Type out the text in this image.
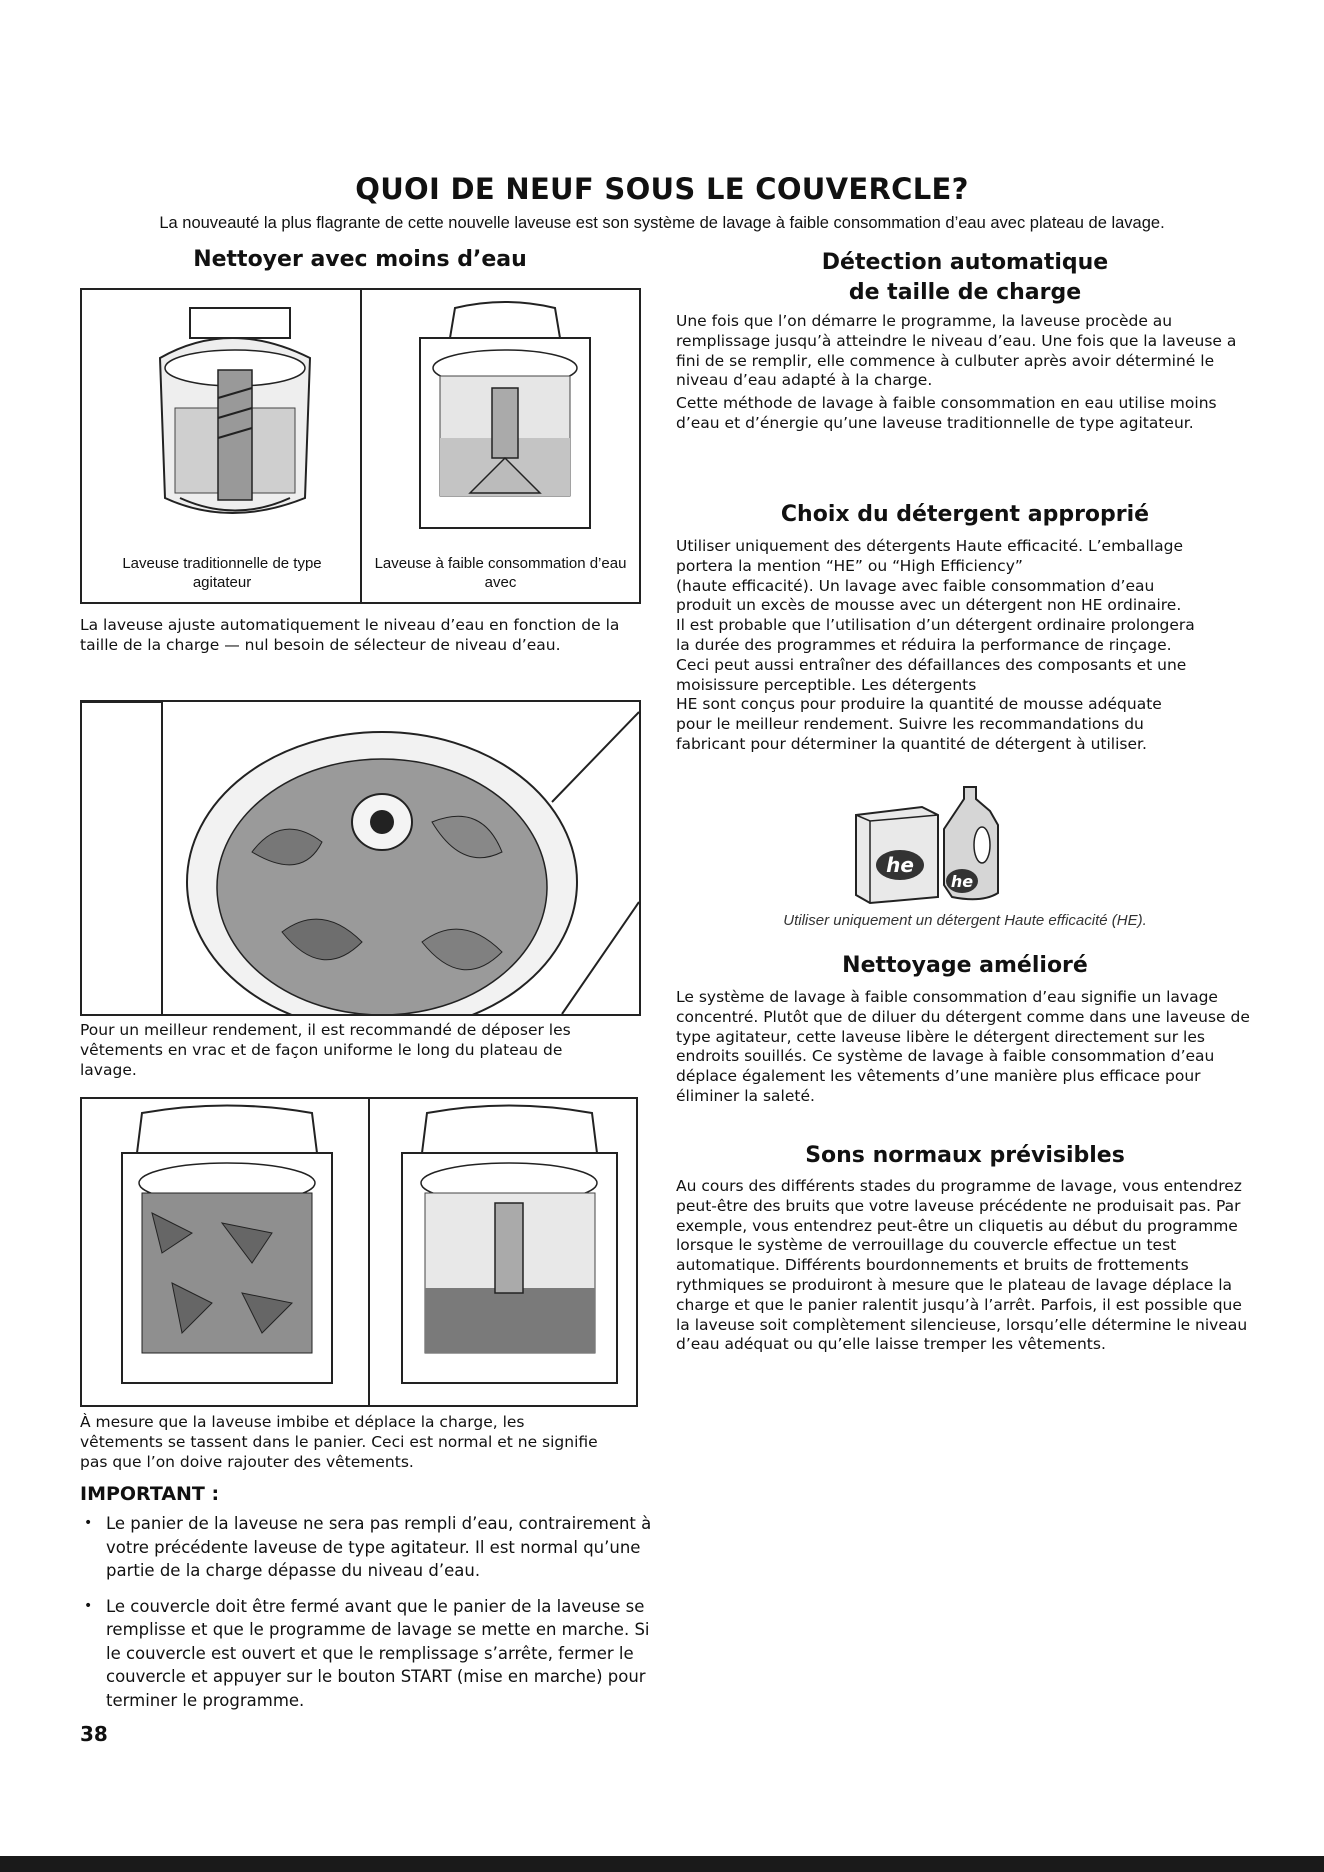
QUOI DE NEUF SOUS LE COUVERCLE?
La nouveauté la plus flagrante de cette nouvelle laveuse est son système de lavage à faible consommation d’eau avec plateau de lavage.
Nettoyer avec moins d’eau
Laveuse traditionnelle de type agitateur
Laveuse à faible consommation d’eau avec

La laveuse ajuste automatiquement le niveau d’eau en fonction de la taille de la charge — nul besoin de sélecteur de niveau d’eau.

Pour un meilleur rendement, il est recommandé de déposer les vêtements en vrac et de façon uniforme le long du plateau de lavage.

À mesure que la laveuse imbibe et déplace la charge, les vêtements se tassent dans le panier. Ceci est normal et ne signifie pas que l’on doive rajouter des vêtements.

IMPORTANT :
• Le panier de la laveuse ne sera pas rempli d’eau, contrairement à votre précédente laveuse de type agitateur. Il est normal qu’une partie de la charge dépasse du niveau d’eau.
• Le couvercle doit être fermé avant que le panier de la laveuse se remplisse et que le programme de lavage se mette en marche. Si le couvercle est ouvert et que le remplissage s’arrête, fermer le couvercle et appuyer sur le bouton START (mise en marche) pour terminer le programme.
38
Détection automatique
de taille de charge

Une fois que l’on démarre le programme, la laveuse procède au remplissage jusqu’à atteindre le niveau d’eau. Une fois que la laveuse a fini de se remplir, elle commence à culbuter après avoir déterminé le niveau d’eau adapté à la charge.

Cette méthode de lavage à faible consommation en eau utilise moins d’eau et d’énergie qu’une laveuse traditionnelle de type agitateur.

Choix du détergent approprié
Utiliser uniquement des détergents Haute efficacité. L’emballage
portera la mention “HE” ou “High Efficiency”
(haute efficacité). Un lavage avec faible consommation d’eau
produit un excès de mousse avec un détergent non HE ordinaire.
Il est probable que l’utilisation d’un détergent ordinaire prolongera
la durée des programmes et réduira la performance de rinçage.
Ceci peut aussi entraîner des défaillances des composants et une
moisissure perceptible. Les détergents
HE sont conçus pour produire la quantité de mousse adéquate
pour le meilleur rendement. Suivre les recommandations du
fabricant pour déterminer la quantité de détergent à utiliser.
he
he
Utiliser uniquement un détergent Haute efficacité (HE).
Nettoyage amélioré

Le système de lavage à faible consommation d’eau signifie un lavage concentré. Plutôt que de diluer du détergent comme dans une laveuse de type agitateur, cette laveuse libère le détergent directement sur les endroits souillés. Ce système de lavage à faible consommation d’eau déplace également les vêtements d’une manière plus efficace pour éliminer la saleté.

Sons normaux prévisibles

Au cours des différents stades du programme de lavage, vous entendrez peut-être des bruits que votre laveuse précédente ne produisait pas. Par exemple, vous entendrez peut-être un cliquetis au début du programme lorsque le système de verrouillage du couvercle effectue un test automatique. Différents bourdonnements et bruits de frottements rythmiques se produiront à mesure que le plateau de lavage déplace la charge et que le panier ralentit jusqu’à l’arrêt. Parfois, il est possible que la laveuse soit complètement silencieuse, lorsqu’elle détermine le niveau d’eau adéquat ou qu’elle laisse tremper les vêtements.
